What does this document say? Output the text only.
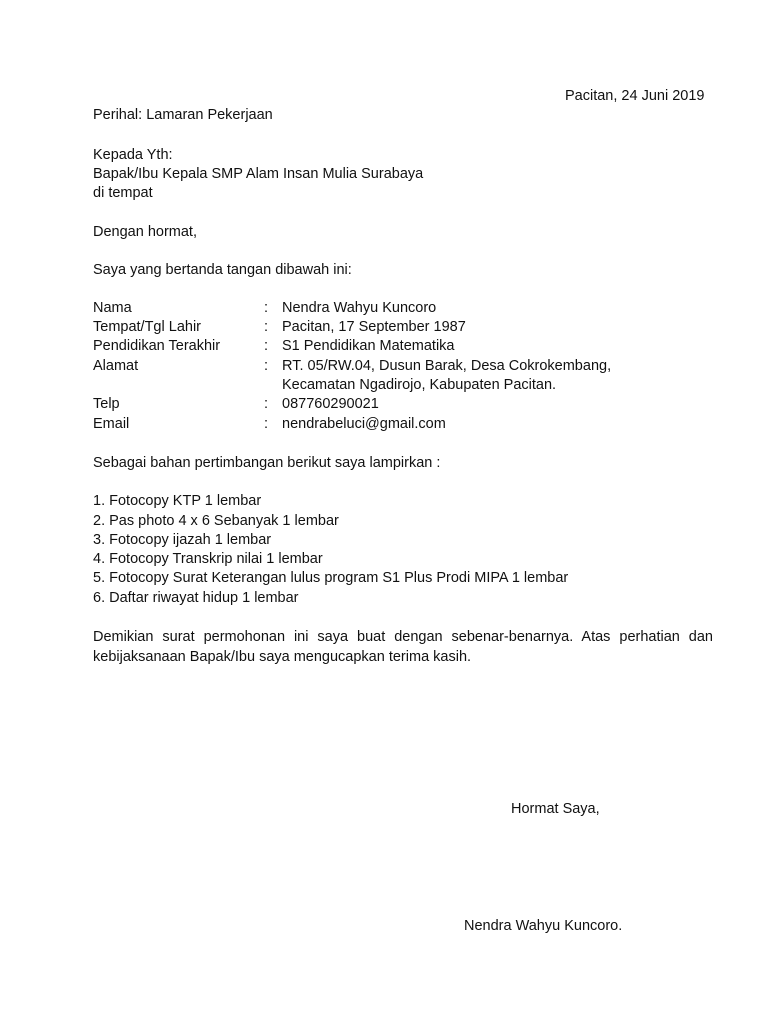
Pacitan, 24 Juni 2019
Perihal: Lamaran Pekerjaan
Kepada Yth:
Bapak/Ibu Kepala SMP Alam Insan Mulia Surabaya
di tempat
Dengan hormat,
Saya yang bertanda tangan dibawah ini:
Nama	: Nendra Wahyu Kuncoro
Tempat/Tgl Lahir	: Pacitan, 17 September 1987
Pendidikan Terakhir	: S1 Pendidikan Matematika
Alamat	: RT. 05/RW.04, Dusun Barak, Desa Cokrokembang,
Kecamatan Ngadirojo, Kabupaten Pacitan.
Telp	: 087760290021
Email	: nendrabeluci@gmail.com
Sebagai bahan pertimbangan berikut saya lampirkan :
1. Fotocopy KTP 1 lembar
2. Pas photo 4 x 6 Sebanyak 1 lembar
3. Fotocopy ijazah 1 lembar
4. Fotocopy Transkrip nilai 1 lembar
5. Fotocopy Surat Keterangan lulus program S1 Plus Prodi MIPA 1 lembar
6. Daftar riwayat hidup 1 lembar
Demikian surat permohonan ini saya buat dengan sebenar-benarnya. Atas perhatian dan kebijaksanaan Bapak/Ibu saya mengucapkan terima kasih.
Hormat Saya,
Nendra Wahyu Kuncoro.
